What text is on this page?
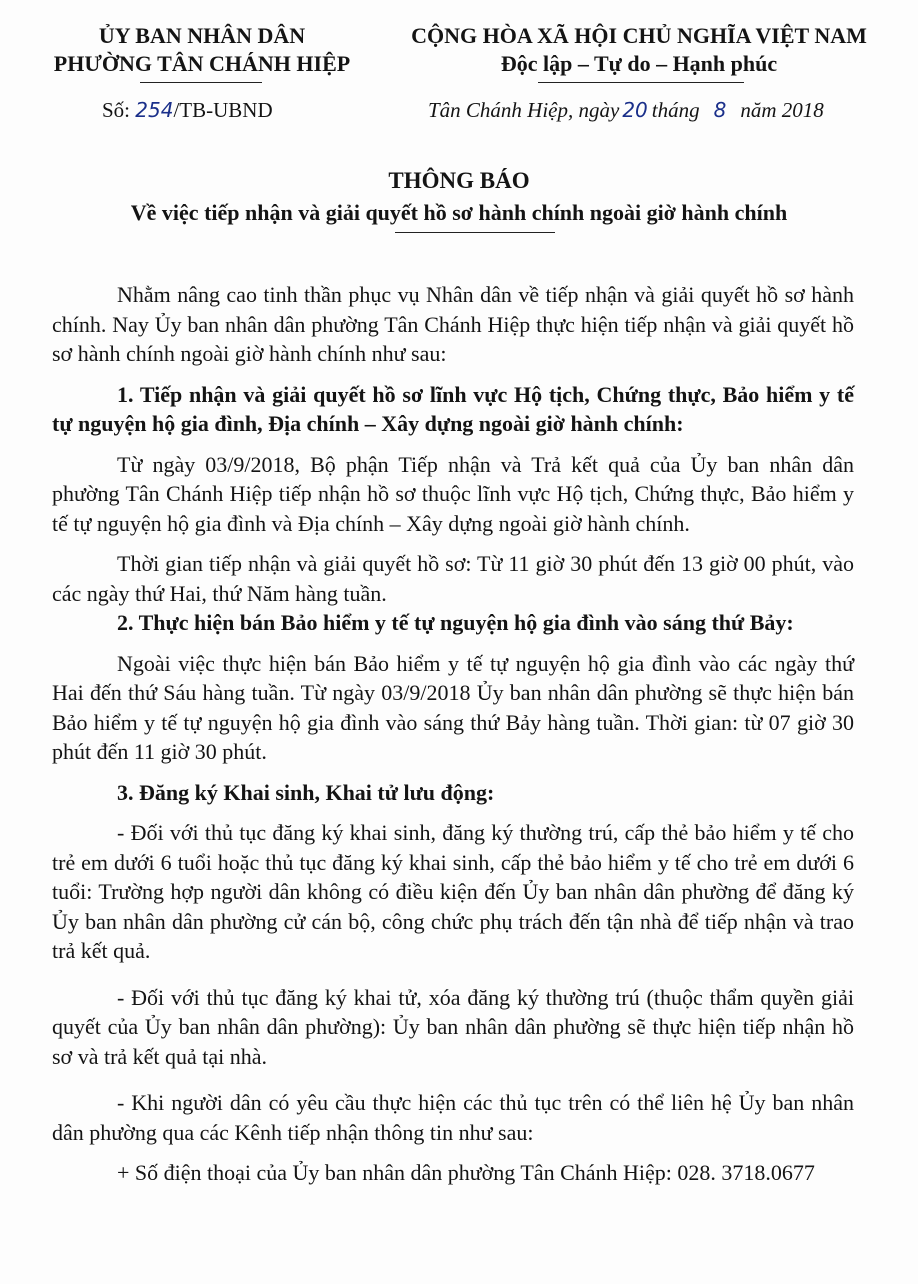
ỦY BAN NHÂN DÂN
PHƯỜNG TÂN CHÁNH HIỆP
CỘNG HÒA XÃ HỘI CHỦ NGHĨA VIỆT NAM
Độc lập – Tự do – Hạnh phúc
Số: 254/TB-UBND	Tân Chánh Hiệp, ngày 20 tháng 8 năm 2018
THÔNG BÁO
Về việc tiếp nhận và giải quyết hồ sơ hành chính ngoài giờ hành chính

Nhằm nâng cao tinh thần phục vụ Nhân dân về tiếp nhận và giải quyết hồ sơ hành chính. Nay Ủy ban nhân dân phường Tân Chánh Hiệp thực hiện tiếp nhận và giải quyết hồ sơ hành chính ngoài giờ hành chính như sau:

1. Tiếp nhận và giải quyết hồ sơ lĩnh vực Hộ tịch, Chứng thực, Bảo hiểm y tế tự nguyện hộ gia đình, Địa chính – Xây dựng ngoài giờ hành chính:

Từ ngày 03/9/2018, Bộ phận Tiếp nhận và Trả kết quả của Ủy ban nhân dân phường Tân Chánh Hiệp tiếp nhận hồ sơ thuộc lĩnh vực Hộ tịch, Chứng thực, Bảo hiểm y tế tự nguyện hộ gia đình và Địa chính – Xây dựng ngoài giờ hành chính.

Thời gian tiếp nhận và giải quyết hồ sơ: Từ 11 giờ 30 phút đến 13 giờ 00 phút, vào các ngày thứ Hai, thứ Năm hàng tuần.

2. Thực hiện bán Bảo hiểm y tế tự nguyện hộ gia đình vào sáng thứ Bảy:

Ngoài việc thực hiện bán Bảo hiểm y tế tự nguyện hộ gia đình vào các ngày thứ Hai đến thứ Sáu hàng tuần. Từ ngày 03/9/2018 Ủy ban nhân dân phường sẽ thực hiện bán Bảo hiểm y tế tự nguyện hộ gia đình vào sáng thứ Bảy hàng tuần. Thời gian: từ 07 giờ 30 phút đến 11 giờ 30 phút.

3. Đăng ký Khai sinh, Khai tử lưu động:

- Đối với thủ tục đăng ký khai sinh, đăng ký thường trú, cấp thẻ bảo hiểm y tế cho trẻ em dưới 6 tuổi hoặc thủ tục đăng ký khai sinh, cấp thẻ bảo hiểm y tế cho trẻ em dưới 6 tuổi: Trường hợp người dân không có điều kiện đến Ủy ban nhân dân phường để đăng ký Ủy ban nhân dân phường cử cán bộ, công chức phụ trách đến tận nhà để tiếp nhận và trao trả kết quả.

- Đối với thủ tục đăng ký khai tử, xóa đăng ký thường trú (thuộc thẩm quyền giải quyết của Ủy ban nhân dân phường): Ủy ban nhân dân phường sẽ thực hiện tiếp nhận hồ sơ và trả kết quả tại nhà.

- Khi người dân có yêu cầu thực hiện các thủ tục trên có thể liên hệ Ủy ban nhân dân phường qua các Kênh tiếp nhận thông tin như sau:

+ Số điện thoại của Ủy ban nhân dân phường Tân Chánh Hiệp: 028. 3718.0677
